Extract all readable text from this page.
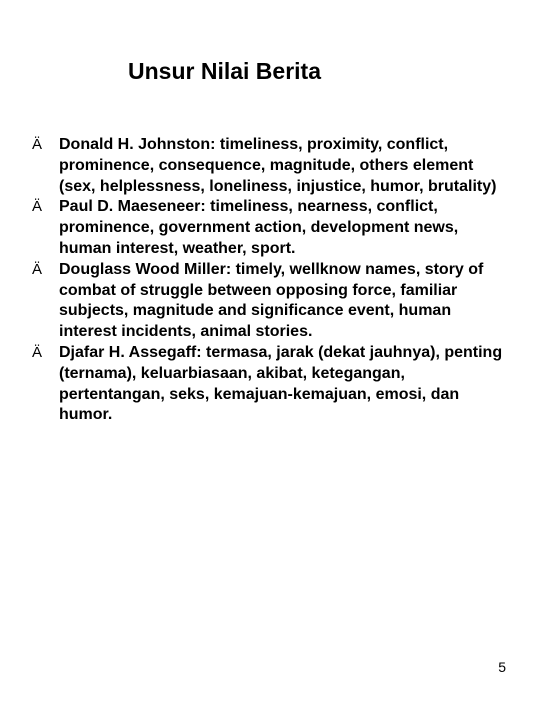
Unsur Nilai Berita
Ä Donald H. Johnston: timeliness, proximity, conflict, prominence, consequence, magnitude, others element (sex, helplessness, loneliness, injustice, humor, brutality)
Ä Paul D. Maeseneer: timeliness, nearness, conflict, prominence, government action, development news, human interest, weather, sport.
Ä Douglass Wood Miller: timely, wellknow names, story of combat of struggle between opposing force, familiar subjects, magnitude and significance event, human interest incidents, animal stories.
Ä Djafar H. Assegaff: termasa, jarak (dekat jauhnya), penting (ternama), keluarbiasaan, akibat, ketegangan, pertentangan, seks, kemajuan-kemajuan, emosi, dan humor.
5
